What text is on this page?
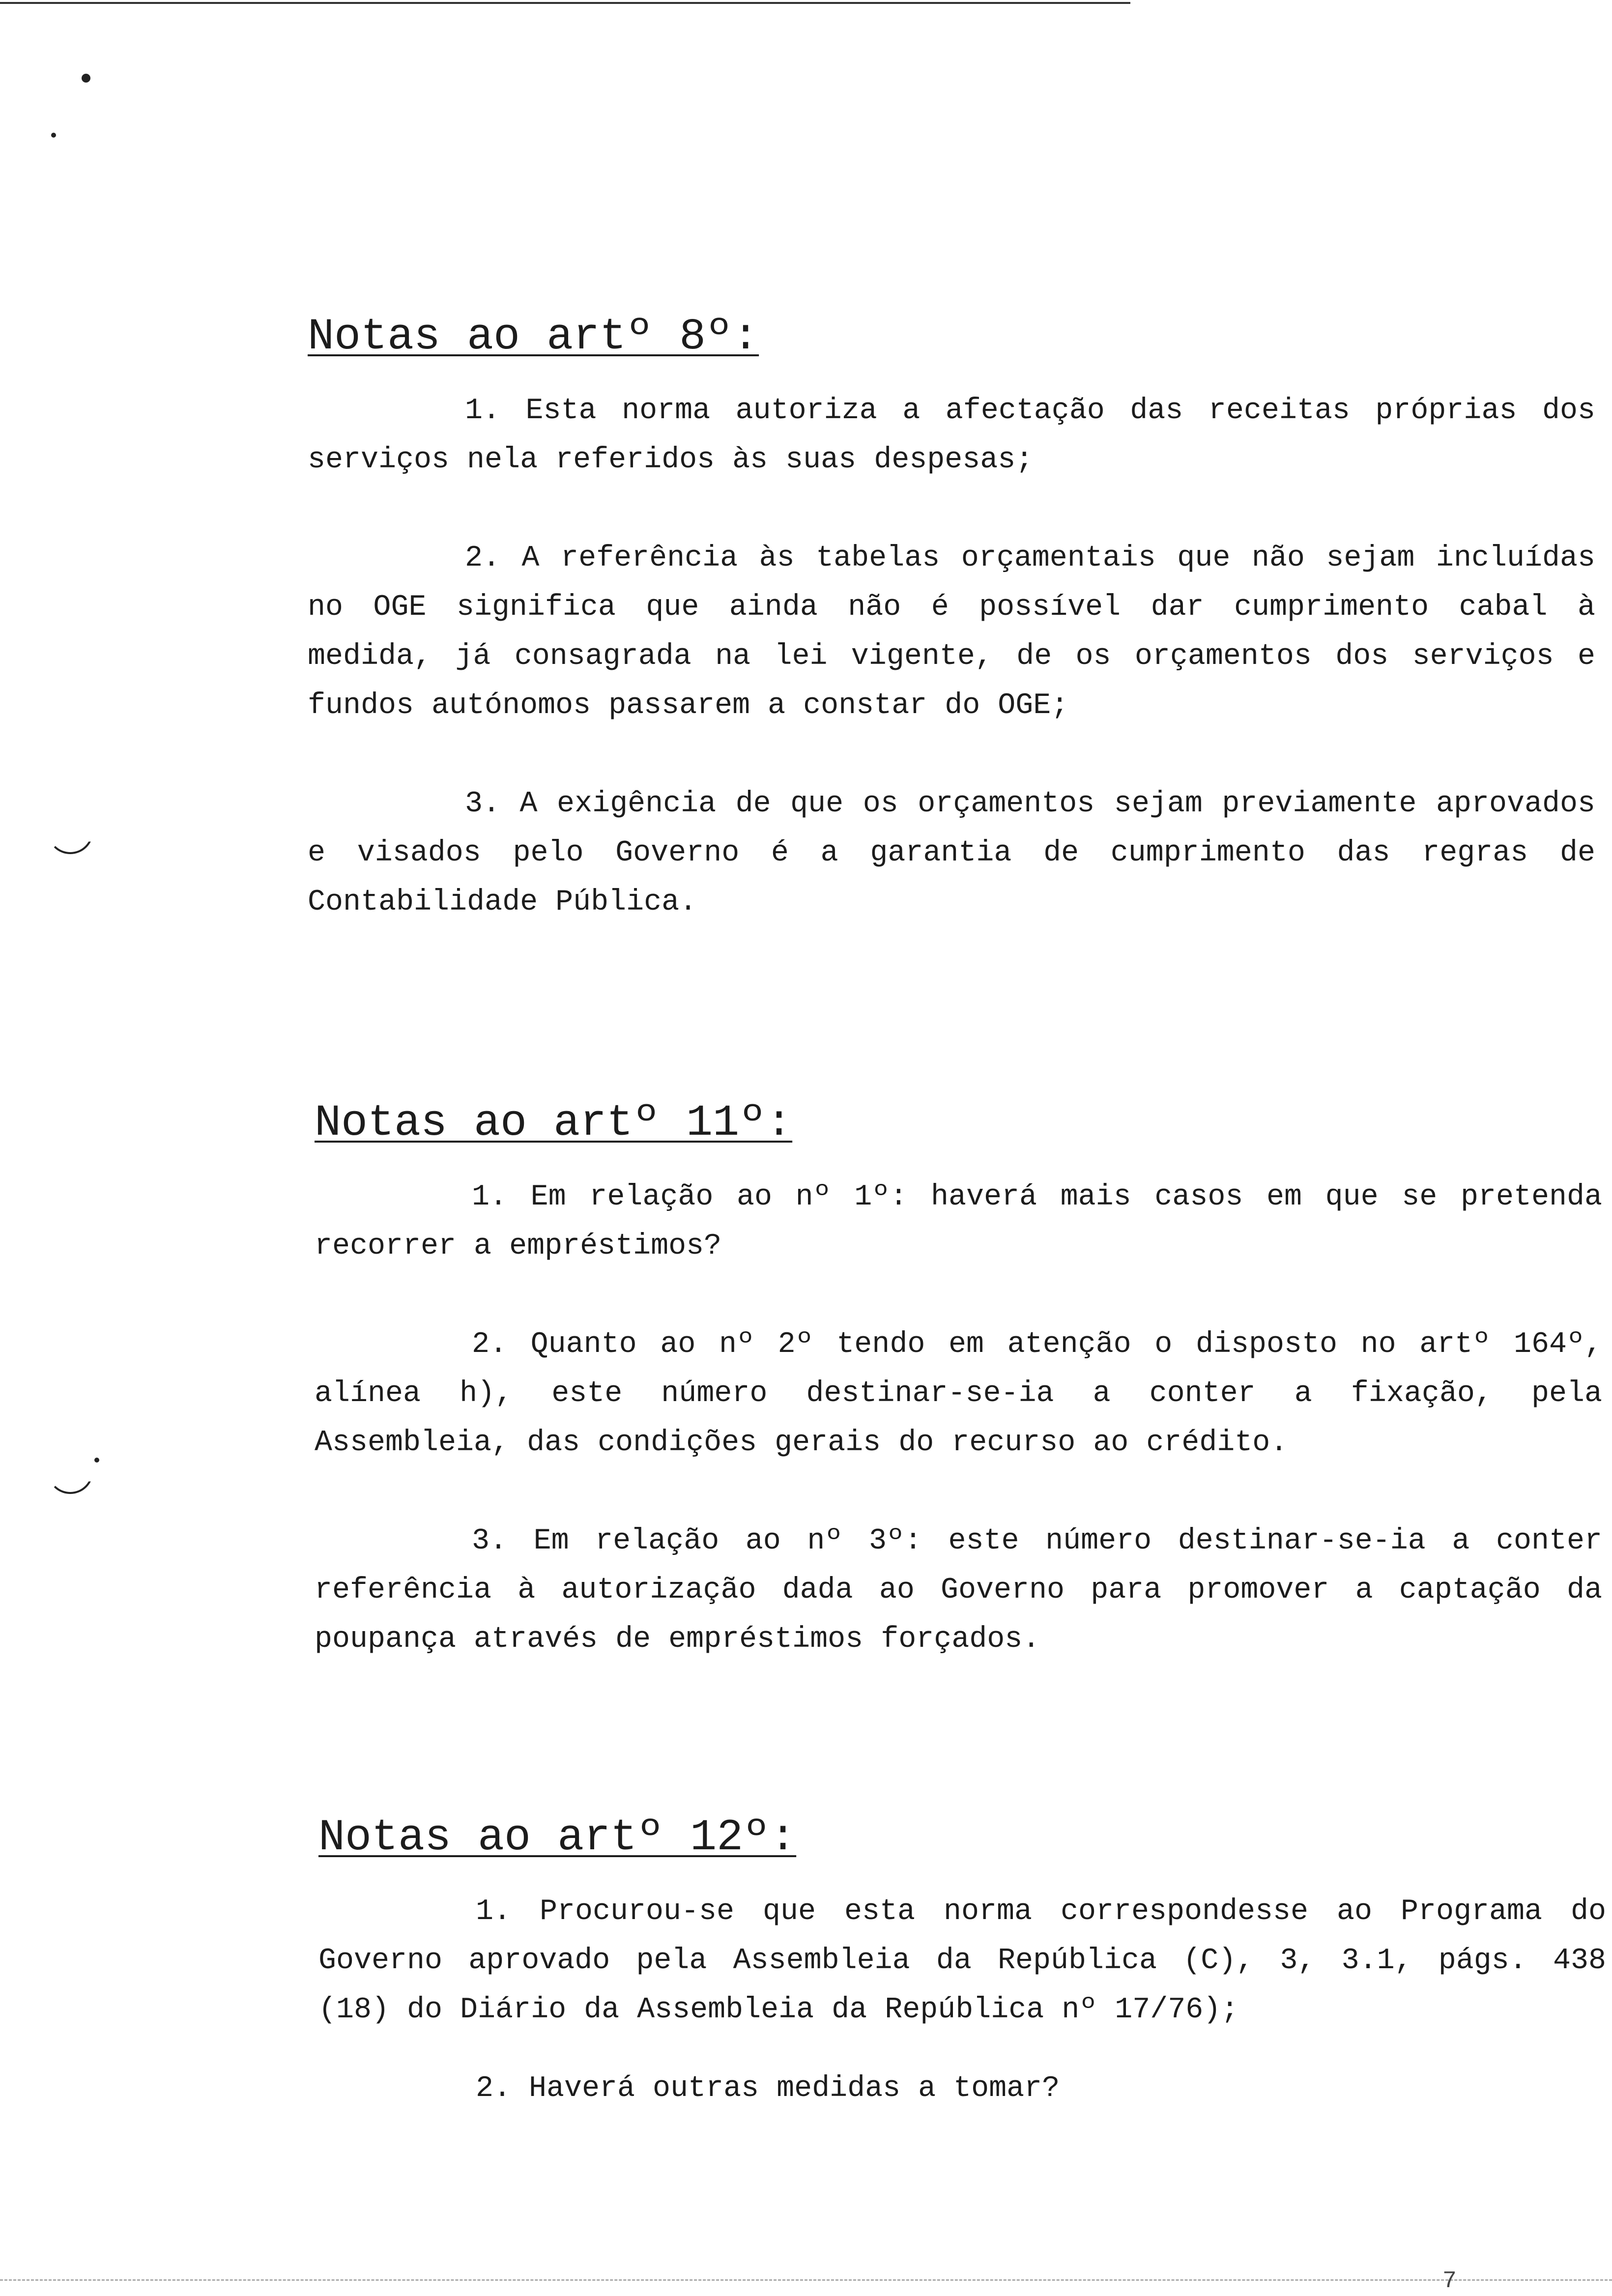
Notas ao artº 8º:

1. Esta norma autoriza a afectação das receitas próprias dos serviços nela referidos às suas despesas;

2. A referência às tabelas orçamentais que não sejam incluídas no OGE significa que ainda não é possível dar cumprimento cabal à medida, já consagrada na lei vigente, de os orçamentos dos serviços e fundos autónomos passarem a constar do OGE;

3. A exigência de que os orçamentos sejam previamente aprovados e visados pelo Governo é a garantia de cumprimento das regras de Contabilidade Pública.

Notas ao artº 11º:

1. Em relação ao nº 1º: haverá mais casos em que se pretenda recorrer a empréstimos?

2. Quanto ao nº 2º tendo em atenção o disposto no artº 164º, alínea h), este número destinar-se-ia a conter a fixação, pela Assembleia, das condições gerais do recurso ao crédito.

3. Em relação ao nº 3º: este número destinar-se-ia a conter referência à autorização dada ao Governo para promover a captação da poupança através de empréstimos forçados.

Notas ao artº 12º:

1. Procurou-se que esta norma correspondesse ao Programa do Governo aprovado pela Assembleia da República (C), 3, 3.1, págs. 438 (18) do Diário da Assembleia da República nº 17/76);

2. Haverá outras medidas a tomar?

7
